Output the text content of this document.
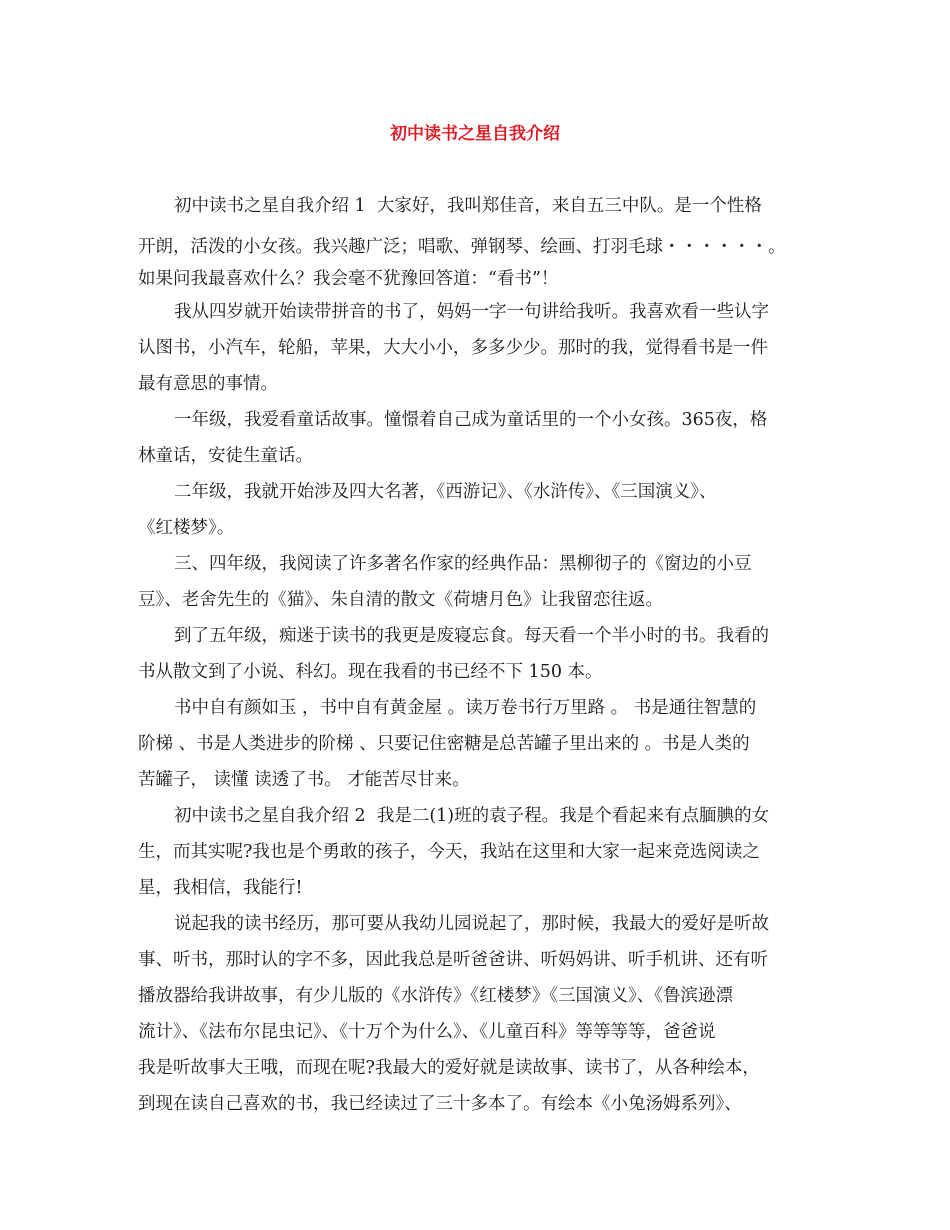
初中读书之星自我介绍

初中读书之星自我介绍 1  大家好，我叫郑佳音，来自五三中队。是一个性格

开朗，活泼的小女孩。我兴趣广泛；唱歌、弹钢琴、绘画、打羽毛球・・・・・・。

如果问我最喜欢什么？我会毫不犹豫回答道：“看书”！

我从四岁就开始读带拼音的书了，妈妈一字一句讲给我听。我喜欢看一些认字

认图书，小汽车，轮船，苹果，大大小小，多多少少。那时的我，觉得看书是一件

最有意思的事情。

一年级，我爱看童话故事。憧憬着自己成为童话里的一个小女孩。365夜，格

林童话，安徒生童话。

二年级，我就开始涉及四大名著，《西游记》、《水浒传》、《三国演义》、

《红楼梦》。

三、四年级，我阅读了许多著名作家的经典作品：黑柳彻子的《窗边的小豆

豆》、老舍先生的《猫》、朱自清的散文《荷塘月色》让我留恋往返。

到了五年级，痴迷于读书的我更是废寝忘食。每天看一个半小时的书。我看的

书从散文到了小说、科幻。现在我看的书已经不下 150 本。

书中自有颜如玉 ，书中自有黄金屋 。读万卷书行万里路 。 书是通往智慧的

阶梯 、书是人类进步的阶梯 、只要记住密糖是总苦罐子里出来的 。书是人类的

苦罐子， 读懂 读透了书。 才能苦尽甘来。

初中读书之星自我介绍 2  我是二(1)班的袁子程。我是个看起来有点腼腆的女

生，而其实呢?我也是个勇敢的孩子，今天，我站在这里和大家一起来竞选阅读之

星，我相信，我能行!

说起我的读书经历，那可要从我幼儿园说起了，那时候，我最大的爱好是听故

事、听书，那时认的字不多，因此我总是听爸爸讲、听妈妈讲、听手机讲、还有听

播放器给我讲故事，有少儿版的《水浒传》《红楼梦》《三国演义》、《鲁滨逊漂

流计》、《法布尔昆虫记》、《十万个为什么》、《儿童百科》等等等等，爸爸说

我是听故事大王哦，而现在呢?我最大的爱好就是读故事、读书了，从各种绘本，

到现在读自己喜欢的书，我已经读过了三十多本了。有绘本《小兔汤姆系列》、
